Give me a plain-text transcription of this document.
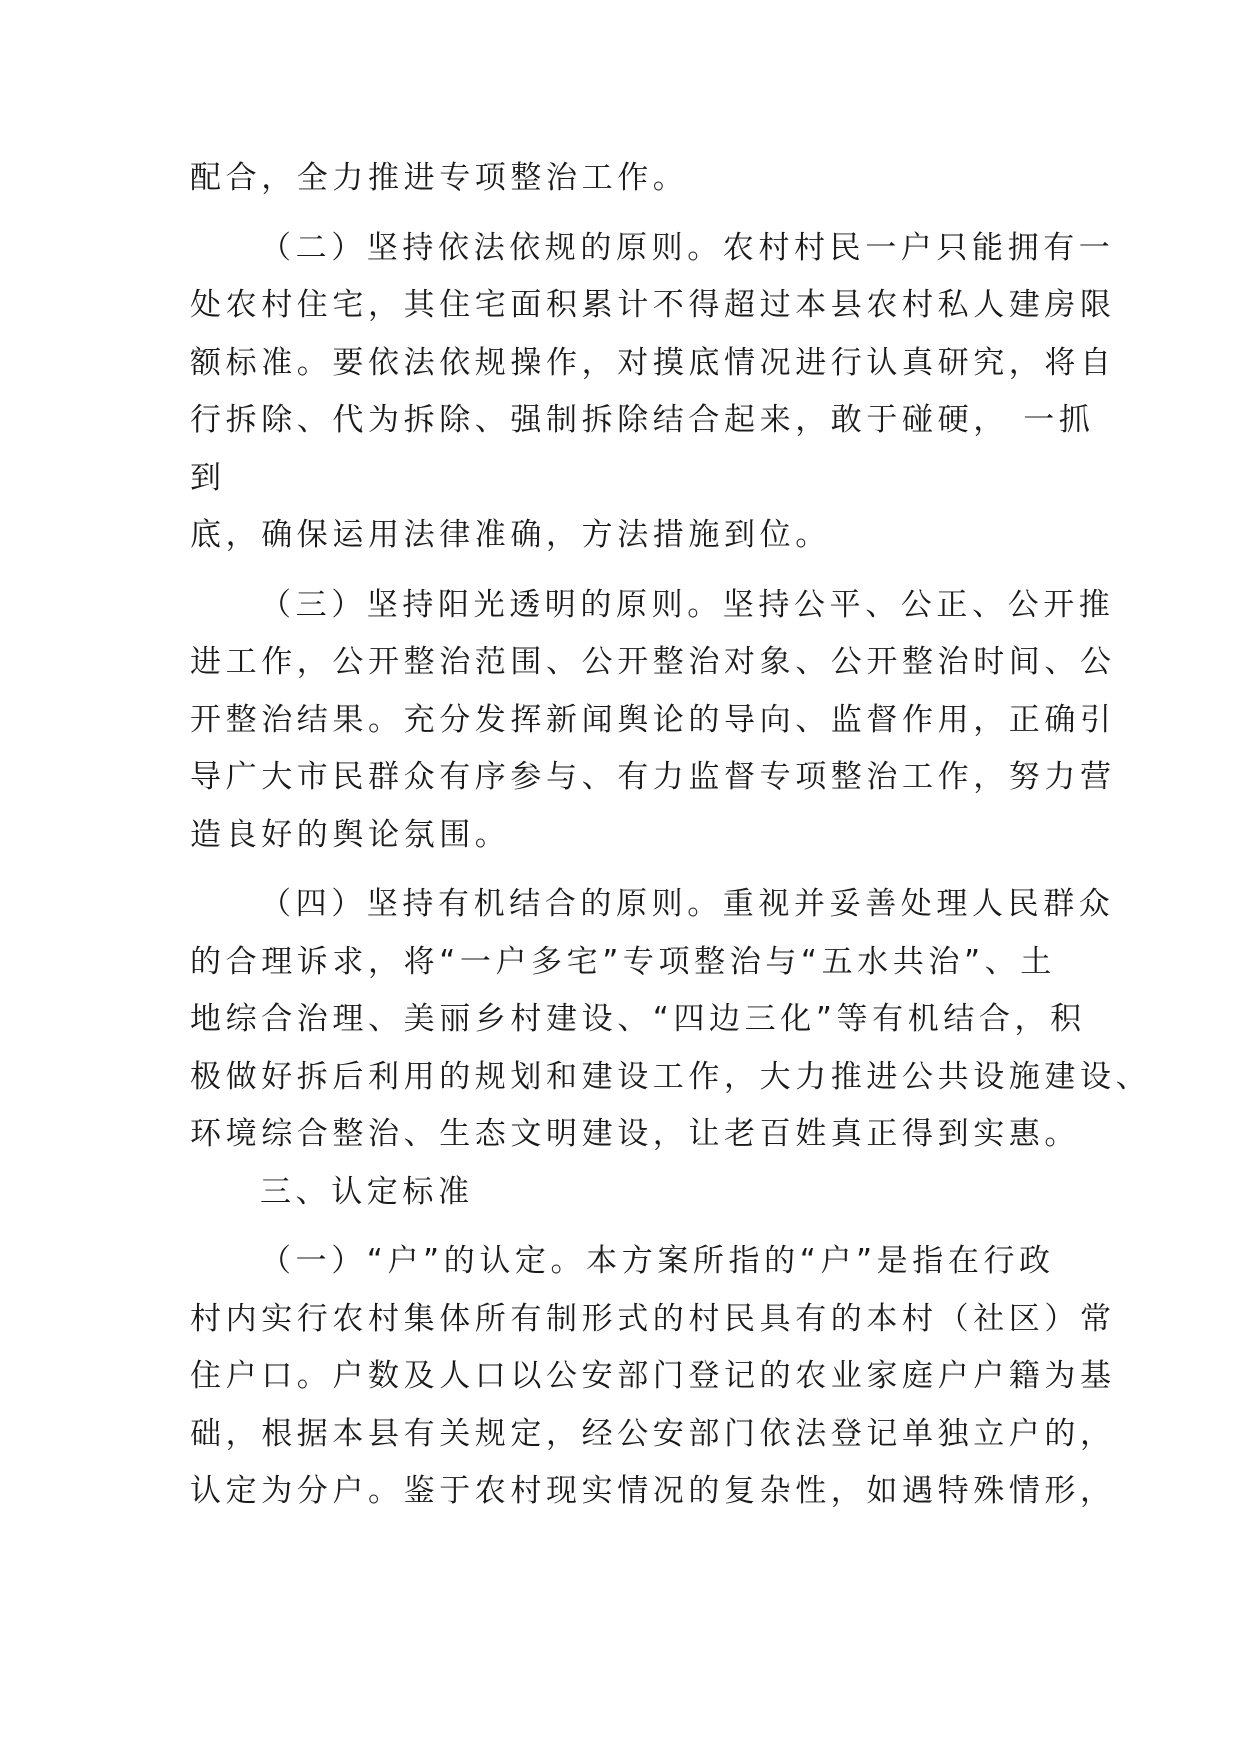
配合，全力推进专项整治工作。
（二）坚持依法依规的原则。农村村民一户只能拥有一
处农村住宅，其住宅面积累计不得超过本县农村私人建房限
额标准。要依法依规操作，对摸底情况进行认真研究，将自
行拆除、代为拆除、强制拆除结合起来，敢于碰硬， 一抓
到
底，确保运用法律准确，方法措施到位。
（三）坚持阳光透明的原则。坚持公平、公正、公开推
进工作，公开整治范围、公开整治对象、公开整治时间、公
开整治结果。充分发挥新闻舆论的导向、监督作用，正确引
导广大市民群众有序参与、有力监督专项整治工作，努力营
造良好的舆论氛围。
（四）坚持有机结合的原则。重视并妥善处理人民群众
的合理诉求，将“一户多宅”专项整治与“五水共治”、土
地综合治理、美丽乡村建设、“四边三化”等有机结合，积
极做好拆后利用的规划和建设工作，大力推进公共设施建设、
环境综合整治、生态文明建设，让老百姓真正得到实惠。
三、认定标准
（一）“户”的认定。本方案所指的“户”是指在行政
村内实行农村集体所有制形式的村民具有的本村（社区）常
住户口。户数及人口以公安部门登记的农业家庭户户籍为基
础，根据本县有关规定，经公安部门依法登记单独立户的，
认定为分户。鉴于农村现实情况的复杂性，如遇特殊情形，
